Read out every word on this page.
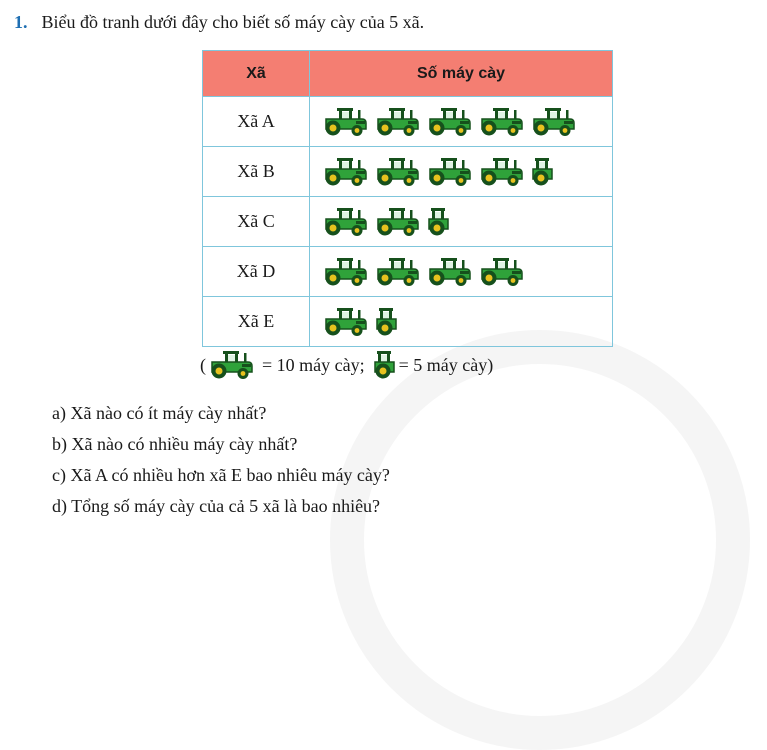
1. Biểu đồ tranh dưới đây cho biết số máy cày của 5 xã.
Xã	Số máy cày
Xã A	

Xã B	

Xã C	

Xã D	

Xã E	
(	= 10 máy cày; = 5 máy cày)
a) Xã nào có ít máy cày nhất?
b) Xã nào có nhiều máy cày nhất?
c) Xã A có nhiều hơn xã E bao nhiêu máy cày?
d) Tổng số máy cày của cả 5 xã là bao nhiêu?
